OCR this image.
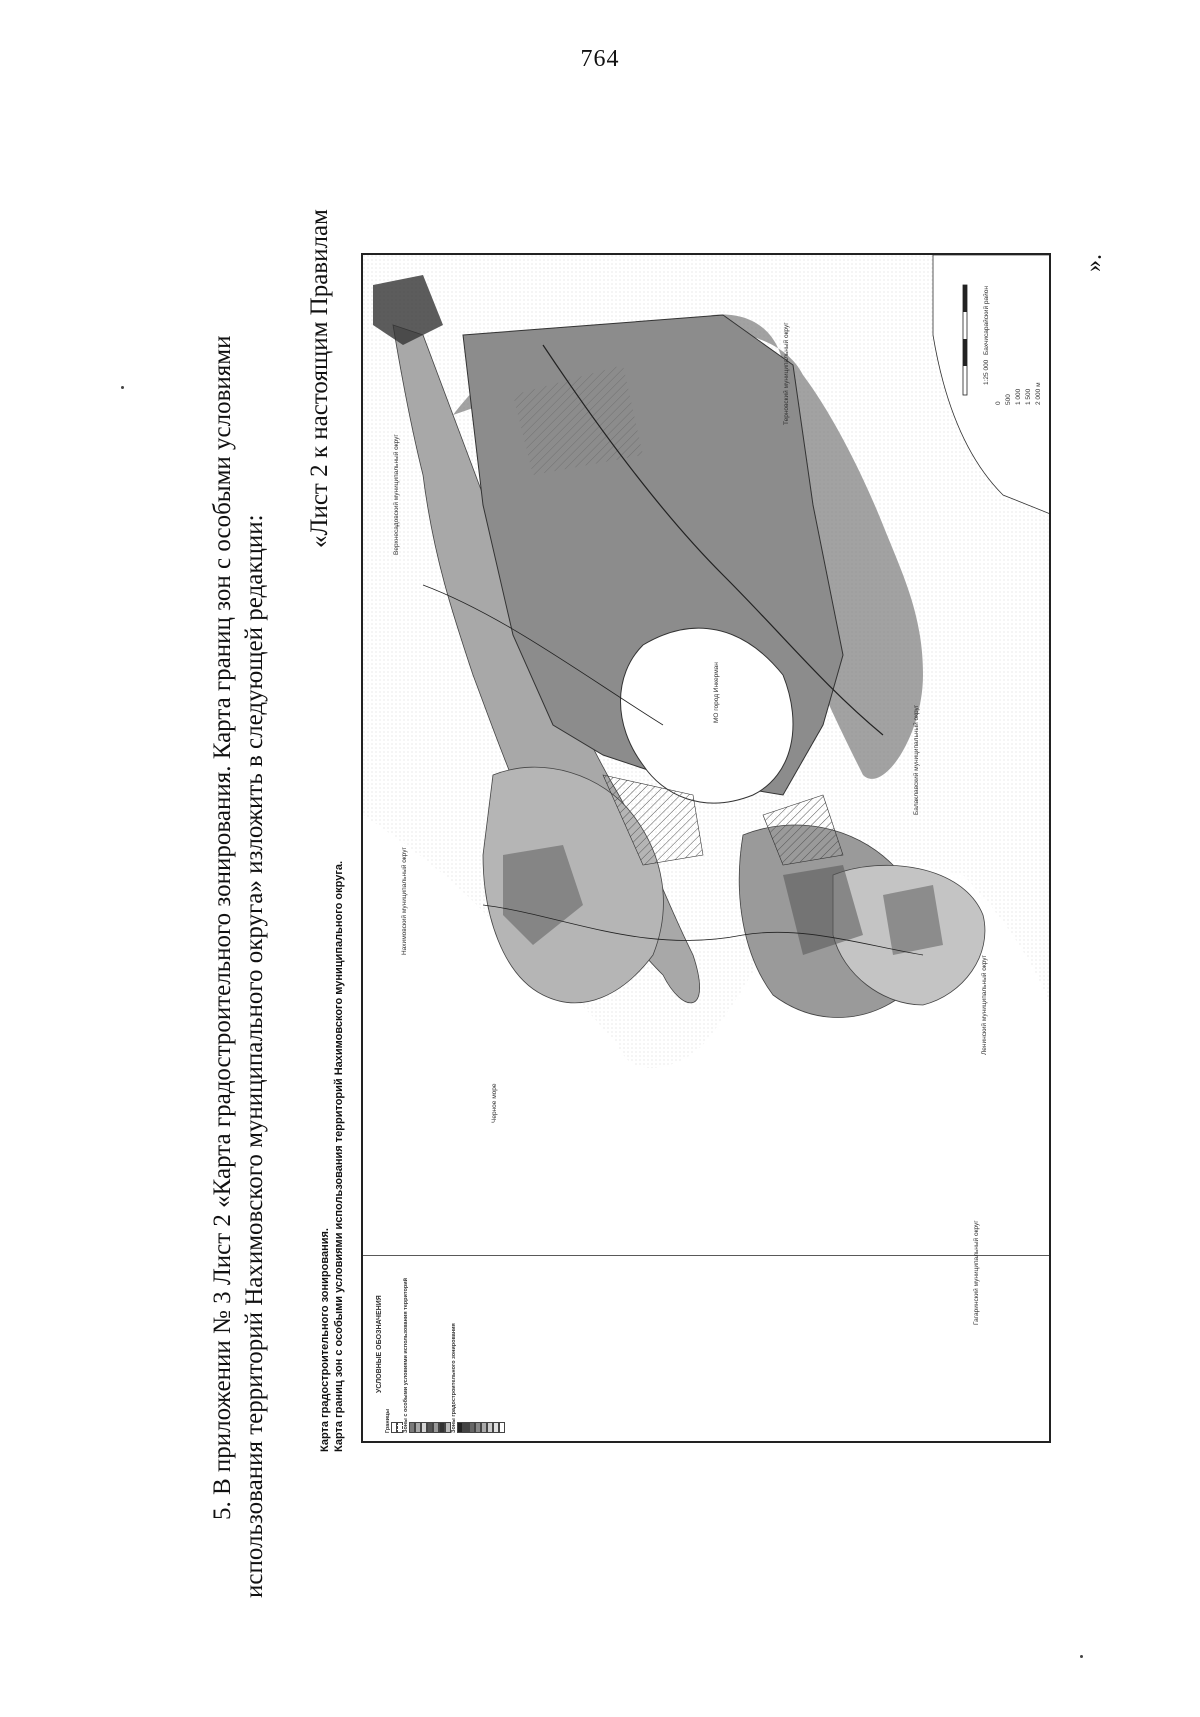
764
5. В приложении № 3 Лист 2 «Карта градостроительного зонирования. Карта границ зон с особыми условиями использования территорий Нахимовского муниципального округа» изложить в следующей редакции:
«Лист 2 к настоящим Правилам	».
Карта градостроительного зонирования. Карта границ зон с особыми условиями использования территорий Нахимовского муниципального округа.	Черное море
Нахимовский муниципальный округ
МО город Инкерман
Балаклавский муниципальный округ
Ленинский муниципальный округ
Гагаринский муниципальный округ
Бахчисарайский район
Верхнесадовский муниципальный округ
Терновский муниципальный округ	1:25 000
0 500 1 000 1 500 2 000 м
УСЛОВНЫЕ ОБОЗНАЧЕНИЯ
Границы Зоны с особыми условиями использования территорий	Зоны градостроительного зонирования
